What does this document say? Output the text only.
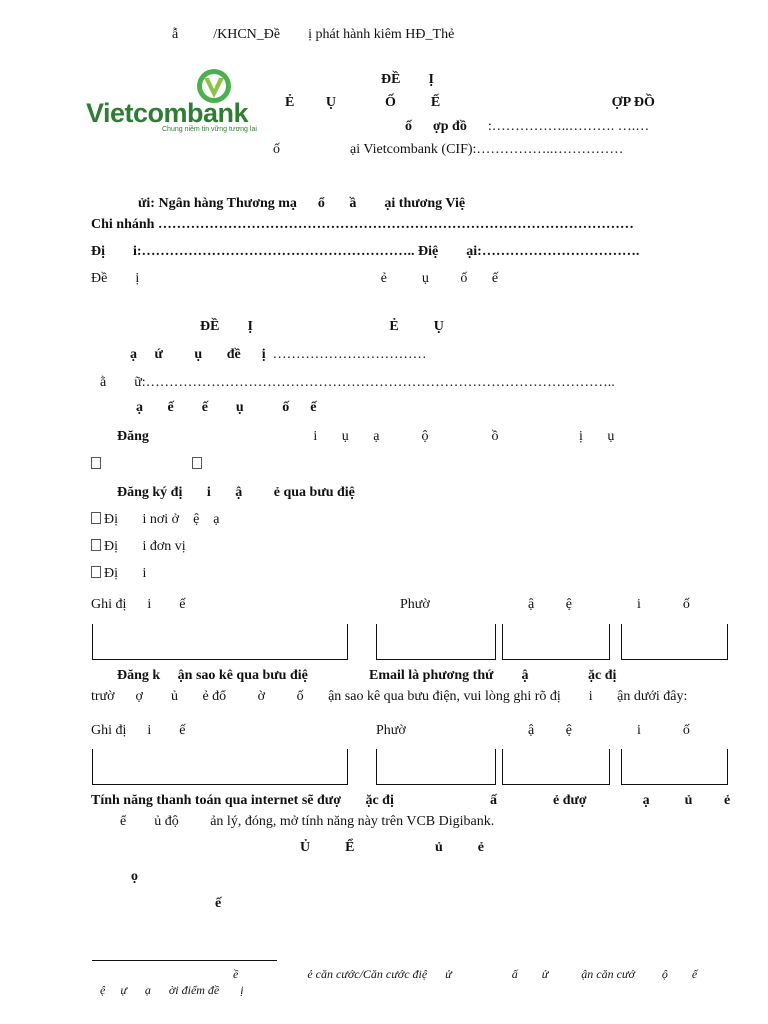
ẫ          /KHCN_Đề        ị phát hành kiêm HĐ_Thẻ
Vietcombank
Chung niềm tin vững tương lai
ĐỀ        Ị
Ẻ         Ụ              Ố          Ế                                                 ỢP ĐỒ
ố      ợp đồ      :……………..………. ….…
ố                    ại Vietcombank (CIF):……………..……………
ửi: Ngân hàng Thương mạ      ổ       ầ        ại thương Việ
Chi nhánh …………………………………………………………………………………………
Đị        i:………………………………………………….. Điệ        ại:…………………………….
Đề        ị                                                                     ẻ          ụ         ố       ế
ĐỀ        Ị                                       Ẻ          Ụ
ạ     ứ         ụ       đề      ị  ……………………………
ằ        ữ:………………………………………………………………………………………..
ạ       ế        ế        ụ           ố      ế
Đăng                                               i       ụ       ạ            ộ                  ồ                       ị       ụ
Đăng ký đị       i       ậ         ẻ qua bưu điệ
Đị       i nơi ở    ệ    ạ
Đị       i đơn vị
Đị       i
Ghi đị      i        ế	Phườ	ậ         ệ	i            ố
Đăng k     ận sao kê qua bưu điệ	Email là phương thứ        ậ                 ặc đị
trườ      ợ        ủ       ẻ đổ         ờ         ố       ận sao kê qua bưu điện, vui lòng ghi rõ đị        i       ận dưới đây:
Ghi đị      i        ế	Phườ	ậ         ệ	i            ố
Tính năng thanh toán qua internet sẽ đượ       ặc đị	ấ                ẻ đượ                ạ          ủ         ẻ
ể        ủ độ         ản lý, đóng, mở tính năng này trên VCB Digibank.
Ủ          Ể                       ủ          ẻ
ọ
ế
ề                       ẻ căn cước/Căn cước điệ      ử                    ấ        ử           ận căn cướ         ộ        ế
ệ     ự      ạ      ời điểm đề       ị
